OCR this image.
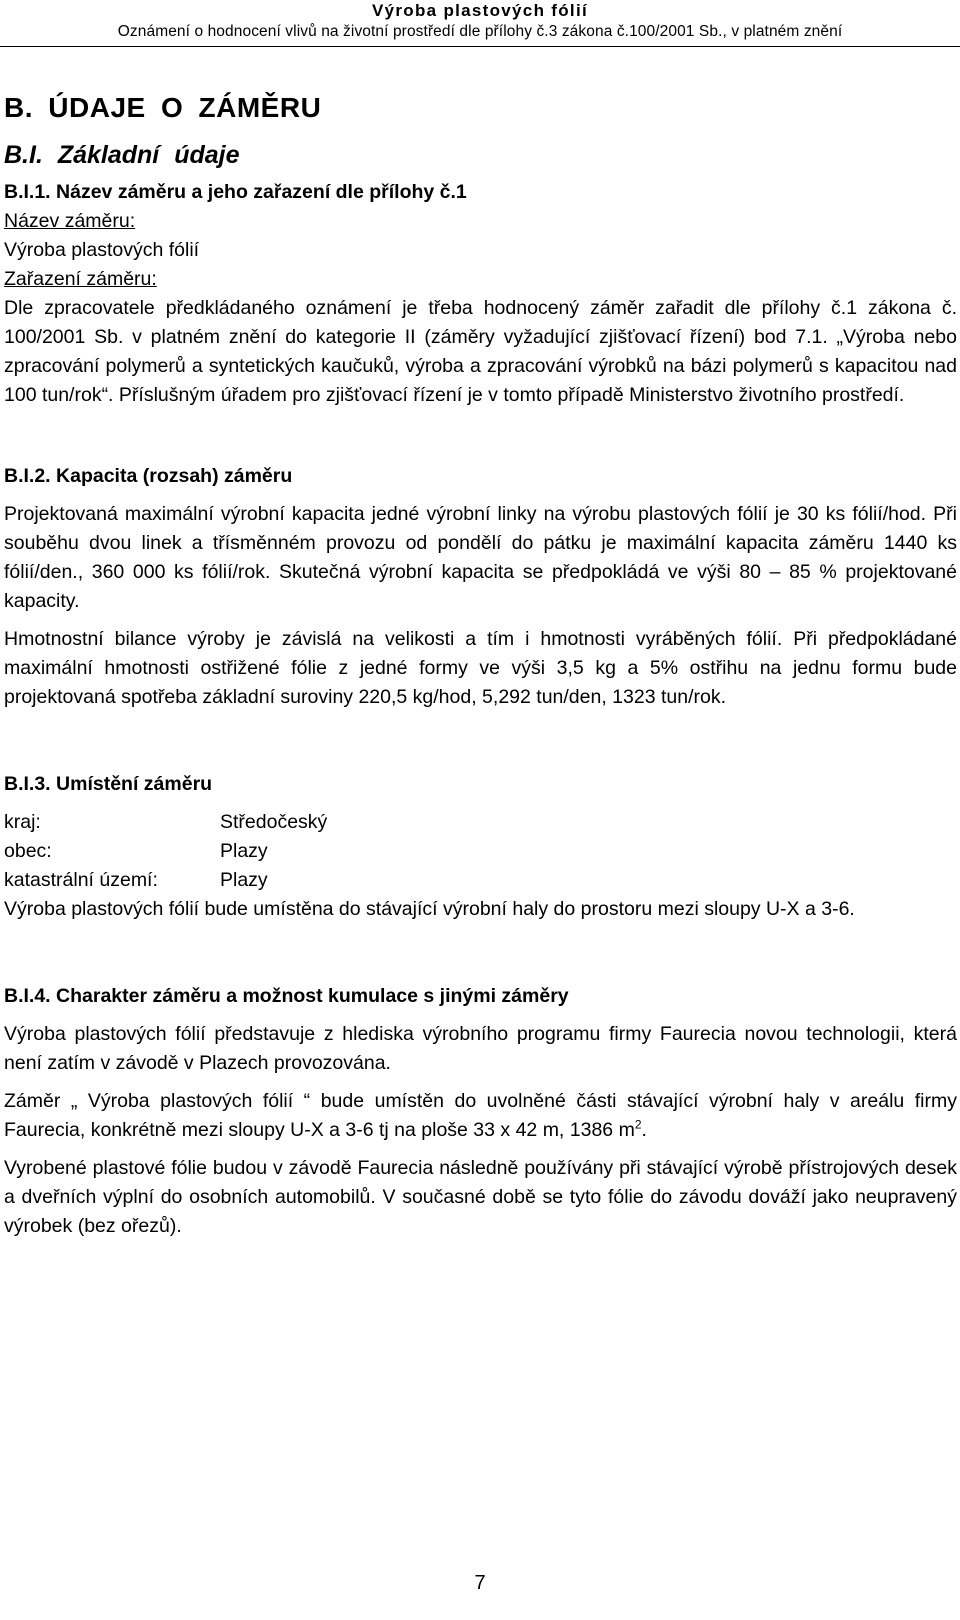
Výroba plastových fólií
Oznámení o hodnocení vlivů na životní prostředí dle přílohy č.3 zákona č.100/2001 Sb., v platném znění

B. ÚDAJE O ZÁMĚRU

B.I. Základní údaje

B.I.1. Název záměru a jeho zařazení dle přílohy č.1

Název záměru:

Výroba plastových fólií

Zařazení záměru:

Dle zpracovatele předkládaného oznámení je třeba hodnocený záměr zařadit dle přílohy č.1 zákona č. 100/2001 Sb. v platném znění do kategorie II (záměry vyžadující zjišťovací řízení) bod 7.1. „Výroba nebo zpracování polymerů a syntetických kaučuků, výroba a zpracování výrobků na bázi polymerů s kapacitou nad 100 tun/rok“. Příslušným úřadem pro zjišťovací řízení je v tomto případě Ministerstvo životního prostředí.

B.I.2. Kapacita (rozsah) záměru

Projektovaná maximální výrobní kapacita jedné výrobní linky na výrobu plastových fólií je 30 ks fólií/hod. Při souběhu dvou linek a třísměnném provozu od pondělí do pátku je maximální kapacita záměru 1440 ks fólií/den., 360 000 ks fólií/rok. Skutečná výrobní kapacita se předpokládá ve výši 80 – 85 % projektované kapacity.

Hmotnostní bilance výroby je závislá na velikosti a tím i hmotnosti vyráběných fólií. Při předpokládané maximální hmotnosti ostřižené fólie z jedné formy ve výši 3,5 kg a 5% ostřihu na jednu formu bude projektovaná spotřeba základní suroviny 220,5 kg/hod, 5,292 tun/den, 1323 tun/rok.

B.I.3. Umístění záměru

kraj:	Středočeský
obec:	Plazy
katastrální území:	Plazy

Výroba plastových fólií bude umístěna do stávající výrobní haly do prostoru mezi sloupy U-X a 3-6.

B.I.4. Charakter záměru a možnost kumulace s jinými záměry

Výroba plastových fólií představuje z hlediska výrobního programu firmy Faurecia novou technologii, která není zatím v závodě v Plazech provozována.

Záměr „ Výroba plastových fólií “ bude umístěn do uvolněné části stávající výrobní haly v areálu firmy Faurecia, konkrétně mezi sloupy U-X a 3-6 tj na ploše 33 x 42 m, 1386 $m^2$.

Vyrobené plastové fólie budou v závodě Faurecia následně používány při stávající výrobě přístrojových desek a dveřních výplní do osobních automobilů. V současné době se tyto fólie do závodu dováží jako neupravený výrobek (bez ořezů).

7
